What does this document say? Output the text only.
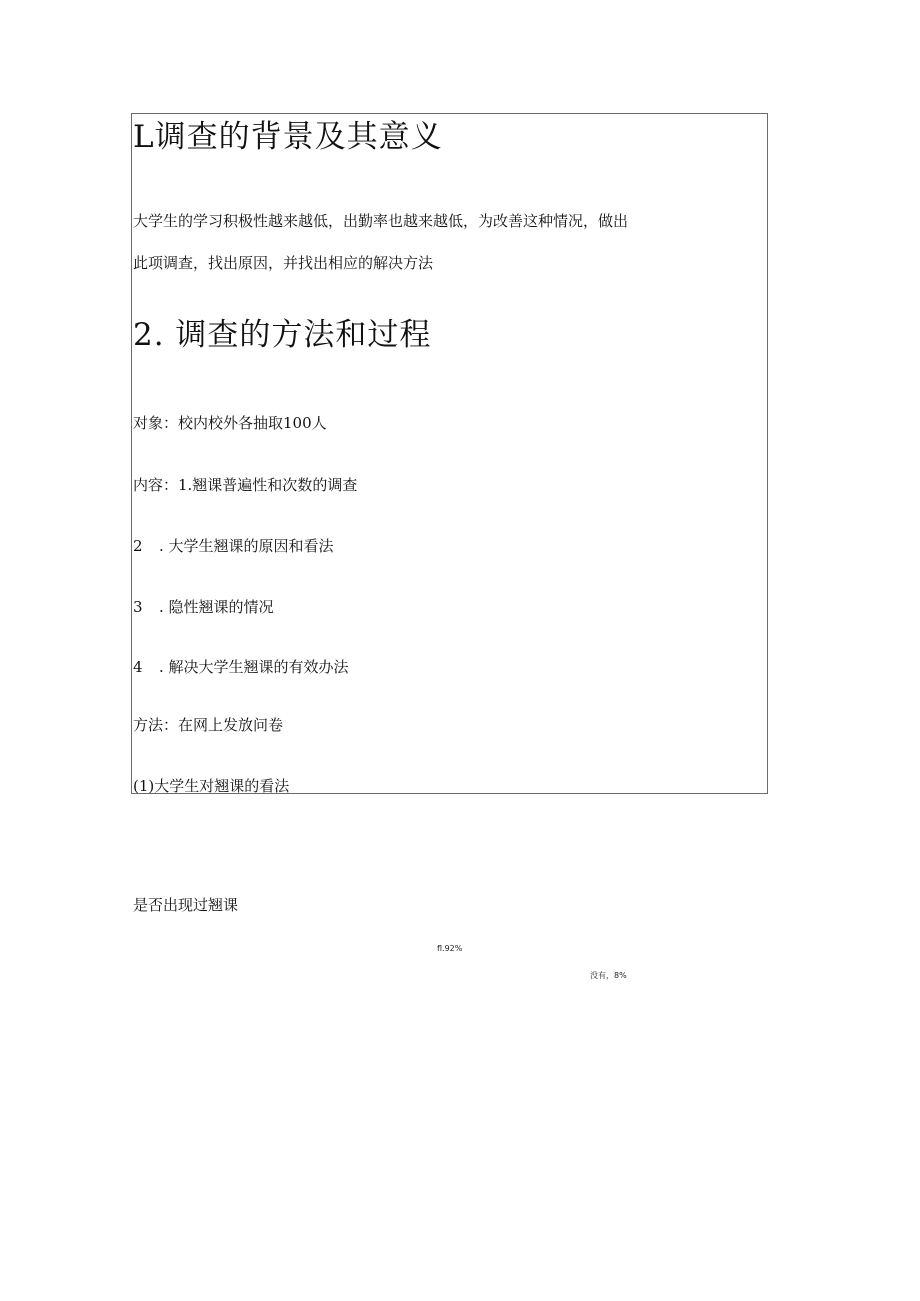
L调查的背景及其意义
大学生的学习积极性越来越低，出勤率也越来越低，为改善这种情况，做出
此项调查，找出原因，并找出相应的解决方法
2. 调查的方法和过程
对象：校内校外各抽取100人
内容：1.翘课普遍性和次数的调查
2 . 大学生翘课的原因和看法
3 . 隐性翘课的情况
4 . 解决大学生翘课的有效办法
方法：在网上发放问卷
(1)大学生对翘课的看法
是否出现过翘课
fl.92%
没有，8%
